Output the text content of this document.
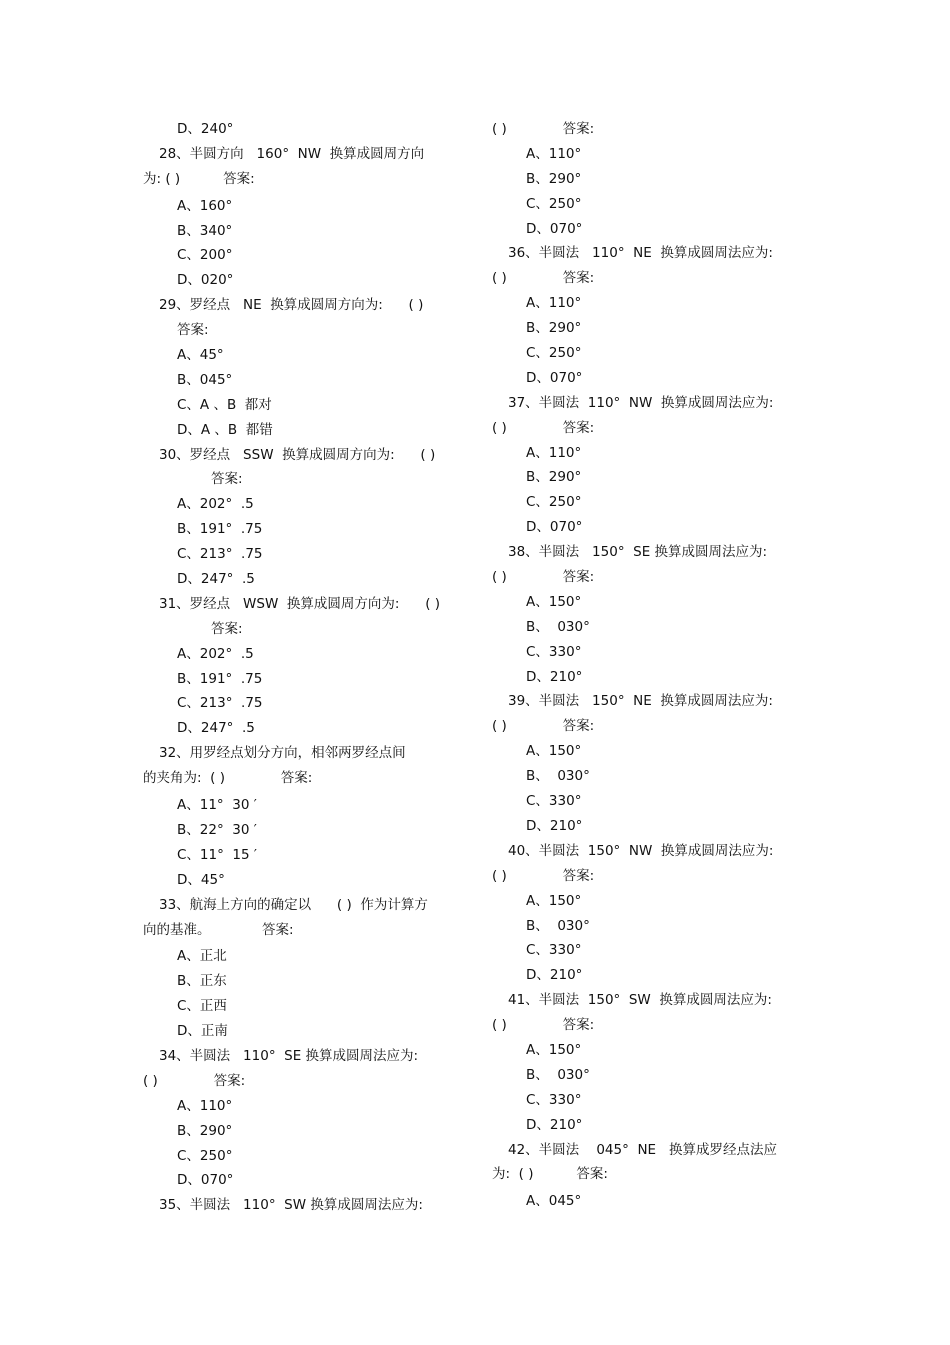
D、240°
28、半圆方向   160°  NW  换算成圆周方向
为: ( )          答案:
A、160°
B、340°
C、200°
D、020°
29、罗经点   NE  换算成圆周方向为:      ( )
答案:
A、45°
B、045°
C、A 、B  都对
D、A 、B  都错
30、罗经点   SSW  换算成圆周方向为:      ( )
答案:
A、202°  .5
B、191°  .75
C、213°  .75
D、247°  .5
31、罗经点   WSW  换算成圆周方向为:      ( )
答案:
A、202°  .5
B、191°  .75
C、213°  .75
D、247°  .5
32、用罗经点划分方向，相邻两罗经点间
的夹角为:  ( )             答案:
A、11°  30 ′
B、22°  30 ′
C、11°  15 ′
D、45°
33、航海上方向的确定以      ( )  作为计算方
向的基准。            答案:
A、正北
B、正东
C、正西
D、正南
34、半圆法   110°  SE 换算成圆周法应为:
( )             答案:
A、110°
B、290°
C、250°
D、070°
35、半圆法   110°  SW 换算成圆周法应为:
( )             答案:
A、110°
B、290°
C、250°
D、070°
36、半圆法   110°  NE  换算成圆周法应为:
( )             答案:
A、110°
B、290°
C、250°
D、070°
37、半圆法  110°  NW  换算成圆周法应为:
( )             答案:
A、110°
B、290°
C、250°
D、070°
38、半圆法   150°  SE 换算成圆周法应为:
( )             答案:
A、150°
B、  030°
C、330°
D、210°
39、半圆法   150°  NE  换算成圆周法应为:
( )             答案:
A、150°
B、  030°
C、330°
D、210°
40、半圆法  150°  NW  换算成圆周法应为:
( )             答案:
A、150°
B、  030°
C、330°
D、210°
41、半圆法  150°  SW  换算成圆周法应为:
( )             答案:
A、150°
B、  030°
C、330°
D、210°
42、半圆法    045°  NE   换算成罗经点法应
为:  ( )          答案:
A、045°
